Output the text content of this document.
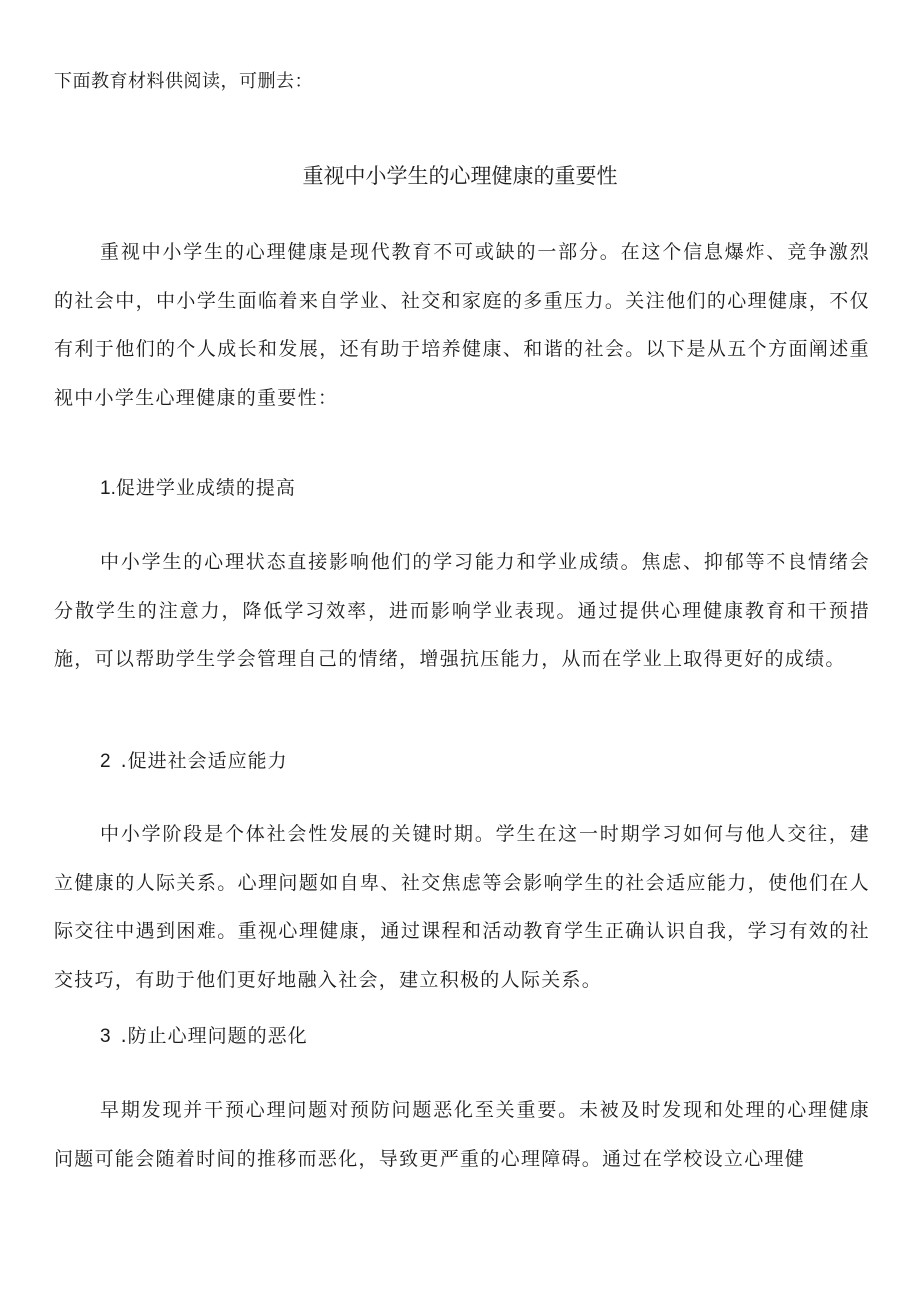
下面教育材料供阅读，可删去：
重视中小学生的心理健康的重要性

重视中小学生的心理健康是现代教育不可或缺的一部分。在这个信息爆炸、竞争激烈的社会中，中小学生面临着来自学业、社交和家庭的多重压力。关注他们的心理健康，不仅有利于他们的个人成长和发展，还有助于培养健康、和谐的社会。以下是从五个方面阐述重视中小学生心理健康的重要性：

1.促进学业成绩的提高

中小学生的心理状态直接影响他们的学习能力和学业成绩。焦虑、抑郁等不良情绪会分散学生的注意力，降低学习效率，进而影响学业表现。通过提供心理健康教育和干预措施，可以帮助学生学会管理自己的情绪，增强抗压能力，从而在学业上取得更好的成绩。

2 .促进社会适应能力

中小学阶段是个体社会性发展的关键时期。学生在这一时期学习如何与他人交往，建立健康的人际关系。心理问题如自卑、社交焦虑等会影响学生的社会适应能力，使他们在人际交往中遇到困难。重视心理健康，通过课程和活动教育学生正确认识自我，学习有效的社交技巧，有助于他们更好地融入社会，建立积极的人际关系。

3 .防止心理问题的恶化

早期发现并干预心理问题对预防问题恶化至关重要。未被及时发现和处理的心理健康问题可能会随着时间的推移而恶化，导致更严重的心理障碍。通过在学校设立心理健
